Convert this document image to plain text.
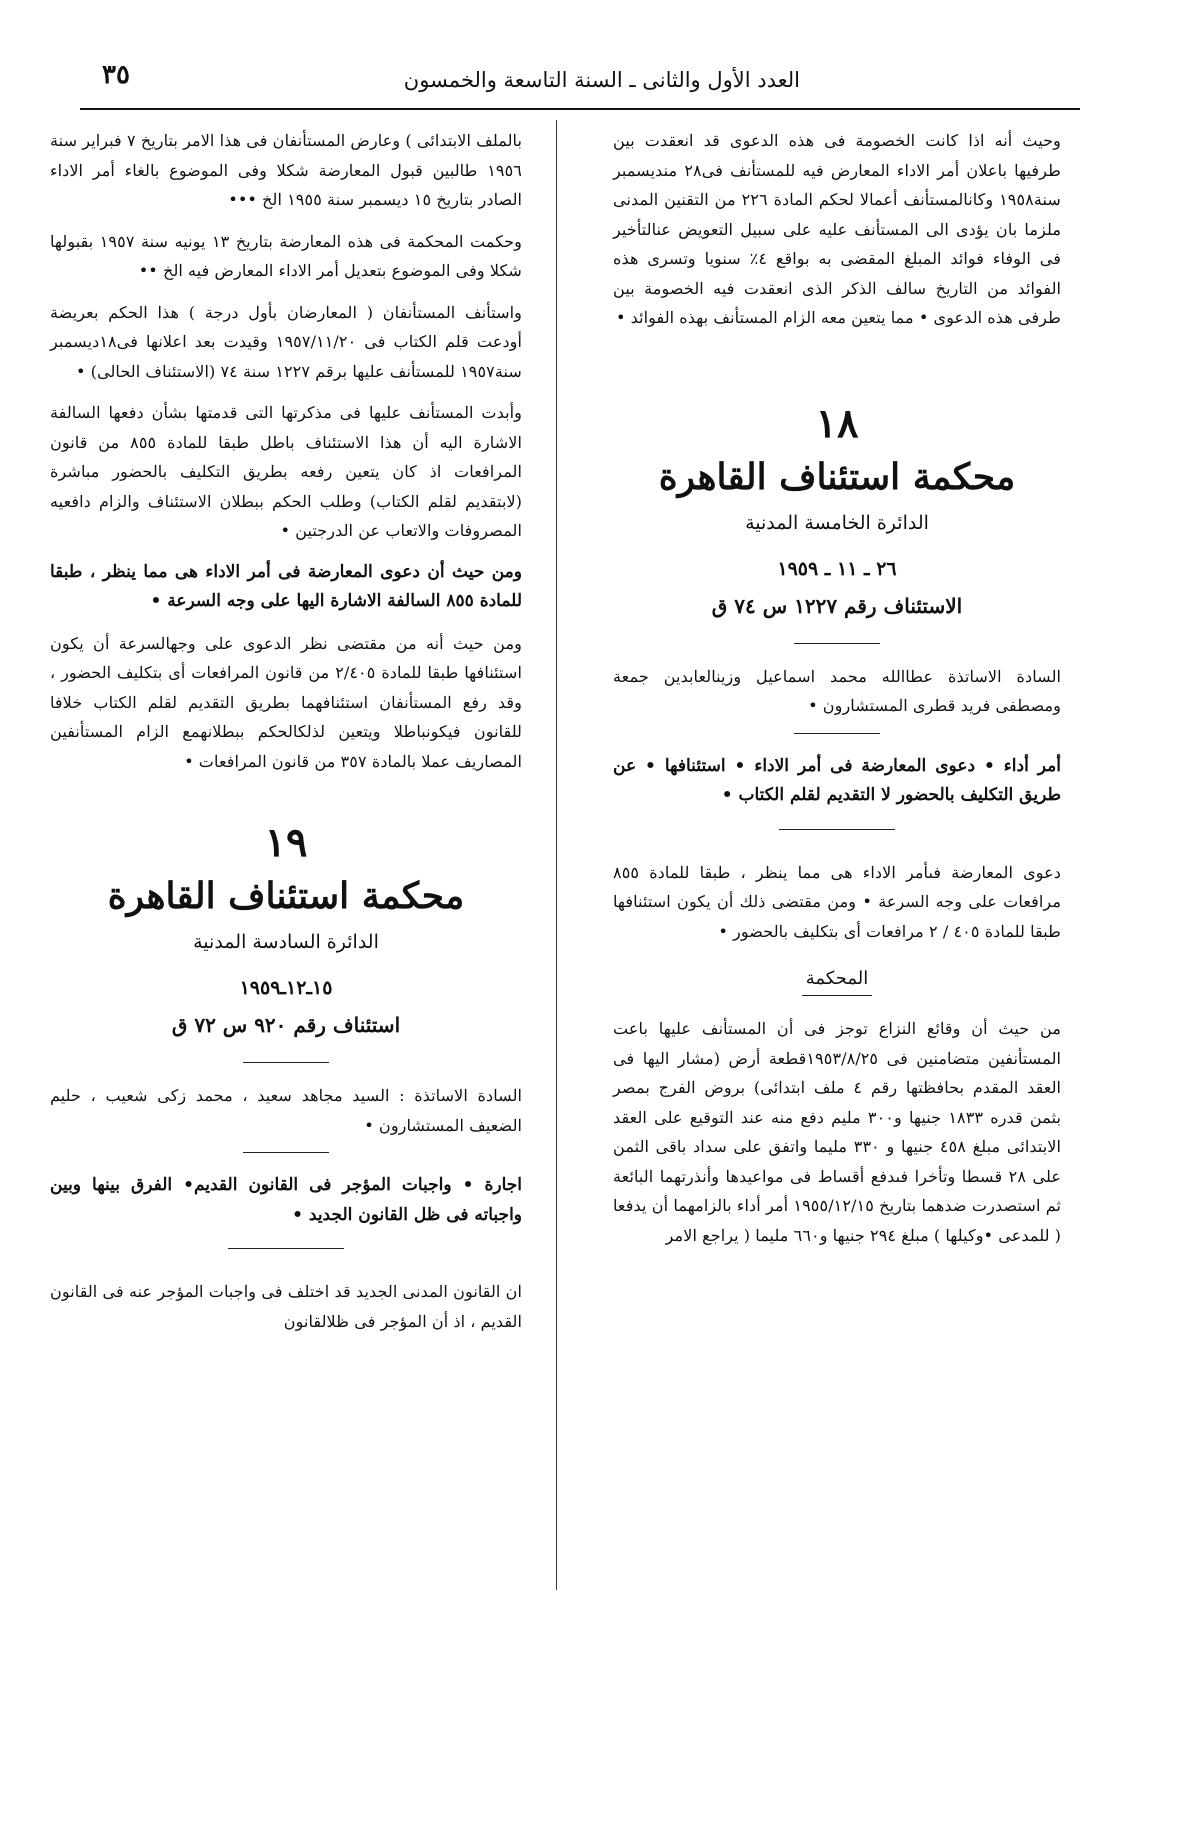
العدد الأول والثانى ـ السنة التاسعة والخمسون
٣٥

وحيث أنه اذا كانت الخصومة فى هذه الدعوى قد انعقدت بين طرفيها باعلان أمر الاداء المعارض فيه للمستأنف فى٢٨ منديسمبر سنة١٩٥٨ وكانالمستأنف أعمالا لحكم المادة ٢٢٦ من التقنين المدنى ملزما بان يؤدى الى المستأنف عليه على سبيل التعويض عنالتأخير فى الوفاء فوائد المبلغ المقضى به بواقع ٤٪ سنويا وتسرى هذه الفوائد من التاريخ سالف الذكر الذى انعقدت فيه الخصومة بين طرفى هذه الدعوى • مما يتعين معه الزام المستأنف بهذه الفوائد •

١٨
محكمة استئناف القاهرة
الدائرة الخامسة المدنية
٢٦ ـ ١١ ـ ١٩٥٩
الاستئناف رقم ١٢٢٧ س ٧٤ ق

السادة الاساتذة عطاالله محمد اسماعيل وزينالعابدين جمعة ومصطفى فريد قطرى المستشارون •

أمر أداء • دعوى المعارضة فى أمر الاداء • استئنافها • عن طريق التكليف بالحضور لا التقديم لقلم الكتاب •

دعوى المعارضة فىأمر الاداء هى مما ينظر ، طبقا للمادة ٨٥٥ مرافعات على وجه السرعة • ومن مقتضى ذلك أن يكون استئنافها طبقا للمادة ٤٠٥ / ٢ مرافعات أى بتكليف بالحضور •

المحكمة

من حيث أن وقائع النزاع توجز فى أن المستأنف عليها باعت المستأنفين متضامنين فى ١٩٥٣/٨/٢٥قطعة أرض (مشار اليها فى العقد المقدم بحافظتها رقم ٤ ملف ابتدائى) بروض الفرج بمصر بثمن قدره ١٨٣٣ جنيها و٣٠٠ مليم دفع منه عند التوقيع على العقد الابتدائى مبلغ ٤٥٨ جنيها و ٣٣٠ مليما واتفق على سداد باقى الثمن على ٢٨ قسطا وتأخرا فىدفع أقساط فى مواعيدها وأنذرتهما البائعة ثم استصدرت ضدهما بتاريخ ١٩٥٥/١٢/١٥ أمر أداء بالزامهما أن يدفعا ( للمدعى •وكيلها ) مبلغ ٢٩٤ جنيها و٦٦٠ مليما ( يراجع الامر

بالملف الابتدائى ) وعارض المستأنفان فى هذا الامر بتاريخ ٧ فبراير سنة ١٩٥٦ طالبين قبول المعارضة شكلا وفى الموضوع بالغاء أمر الاداء الصادر بتاريخ ١٥ ديسمبر سنة ١٩٥٥ الخ •••

وحكمت المحكمة فى هذه المعارضة بتاريخ ١٣ يونيه سنة ١٩٥٧ بقبولها شكلا وفى الموضوع بتعديل أمر الاداء المعارض فيه الخ ••

واستأنف المستأنفان ( المعارضان بأول درجة ) هذا الحكم بعريضة أودعت قلم الكتاب فى ١٩٥٧/١١/٢٠ وقيدت بعد اعلانها فى١٨ديسمبر سنة١٩٥٧ للمستأنف عليها برقم ١٢٢٧ سنة ٧٤ (الاستئناف الحالى) •

وأبدت المستأنف عليها فى مذكرتها التى قدمتها بشأن دفعها السالفة الاشارة اليه أن هذا الاستئناف باطل طبقا للمادة ٨٥٥ من قانون المرافعات اذ كان يتعين رفعه بطريق التكليف بالحضور مباشرة (لابتقديم لقلم الكتاب) وطلب الحكم ببطلان الاستئناف والزام دافعيه المصروفات والاتعاب عن الدرجتين •

ومن حيث أن دعوى المعارضة فى أمر الاداء هى مما ينظر ، طبقا للمادة ٨٥٥ السالفة الاشارة اليها على وجه السرعة •

ومن حيث أنه من مقتضى نظر الدعوى على وجهالسرعة أن يكون استئنافها طبقا للمادة ٢/٤٠٥ من قانون المرافعات أى بتكليف الحضور ، وقد رفع المستأنفان استئنافهما بطريق التقديم لقلم الكتاب خلافا للقانون فيكونباطلا ويتعين لذلكالحكم ببطلانهمع الزام المستأنفين المصاريف عملا بالمادة ٣٥٧ من قانون المرافعات •

١٩
محكمة استئناف القاهرة
الدائرة السادسة المدنية
١٥ـ١٢ـ١٩٥٩
استئناف رقم ٩٢٠ س ٧٢ ق

السادة الاساتذة : السيد مجاهد سعيد ، محمد زكى شعيب ، حليم الضعيف المستشارون •

اجارة • واجبات المؤجر فى القانون القديم• الفرق بينها وبين واجباته فى ظل القانون الجديد •

ان القانون المدنى الجديد قد اختلف فى واجبات المؤجر عنه فى القانون القديم ، اذ أن المؤجر فى ظلالقانون
